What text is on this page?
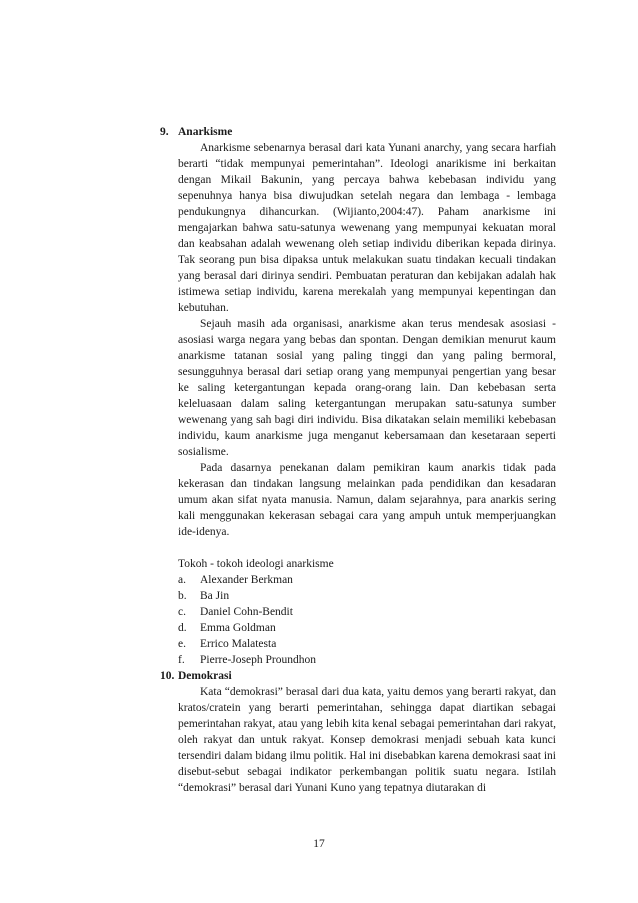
9. Anarkisme

Anarkisme sebenarnya berasal dari kata Yunani anarchy, yang secara harfiah berarti “tidak mempunyai pemerintahan”. Ideologi anarikisme ini berkaitan dengan Mikail Bakunin, yang percaya bahwa kebebasan individu yang sepenuhnya hanya bisa diwujudkan setelah negara dan lembaga - lembaga pendukungnya dihancurkan. (Wijianto,2004:47). Paham anarkisme ini mengajarkan bahwa satu-satunya wewenang yang mempunyai kekuatan moral dan keabsahan adalah wewenang oleh setiap individu diberikan kepada dirinya. Tak seorang pun bisa dipaksa untuk melakukan suatu tindakan kecuali tindakan yang berasal dari dirinya sendiri. Pembuatan peraturan dan kebijakan adalah hak istimewa setiap individu, karena merekalah yang mempunyai kepentingan dan kebutuhan.

Sejauh masih ada organisasi, anarkisme akan terus mendesak asosiasi - asosiasi warga negara yang bebas dan spontan. Dengan demikian menurut kaum anarkisme tatanan sosial yang paling tinggi dan yang paling bermoral, sesungguhnya berasal dari setiap orang yang mempunyai pengertian yang besar ke saling ketergantungan kepada orang-orang lain. Dan kebebasan serta keleluasaan dalam saling ketergantungan merupakan satu-satunya sumber wewenang yang sah bagi diri individu. Bisa dikatakan selain memiliki kebebasan individu, kaum anarkisme juga menganut kebersamaan dan kesetaraan seperti sosialisme.

Pada dasarnya penekanan dalam pemikiran kaum anarkis tidak pada kekerasan dan tindakan langsung melainkan pada pendidikan dan kesadaran umum akan sifat nyata manusia. Namun, dalam sejarahnya, para anarkis sering kali menggunakan kekerasan sebagai cara yang ampuh untuk memperjuangkan ide-idenya.

Tokoh - tokoh ideologi anarkisme

a. Alexander Berkman
b. Ba Jin
c. Daniel Cohn-Bendit
d. Emma Goldman
e. Errico Malatesta
f. Pierre-Joseph Proundhon
10. Demokrasi

Kata “demokrasi” berasal dari dua kata, yaitu demos yang berarti rakyat, dan kratos/cratein yang berarti pemerintahan, sehingga dapat diartikan sebagai pemerintahan rakyat, atau yang lebih kita kenal sebagai pemerintahan dari rakyat, oleh rakyat dan untuk rakyat. Konsep demokrasi menjadi sebuah kata kunci tersendiri dalam bidang ilmu politik. Hal ini disebabkan karena demokrasi saat ini disebut-sebut sebagai indikator perkembangan politik suatu negara. Istilah “demokrasi” berasal dari Yunani Kuno yang tepatnya diutarakan di

17
